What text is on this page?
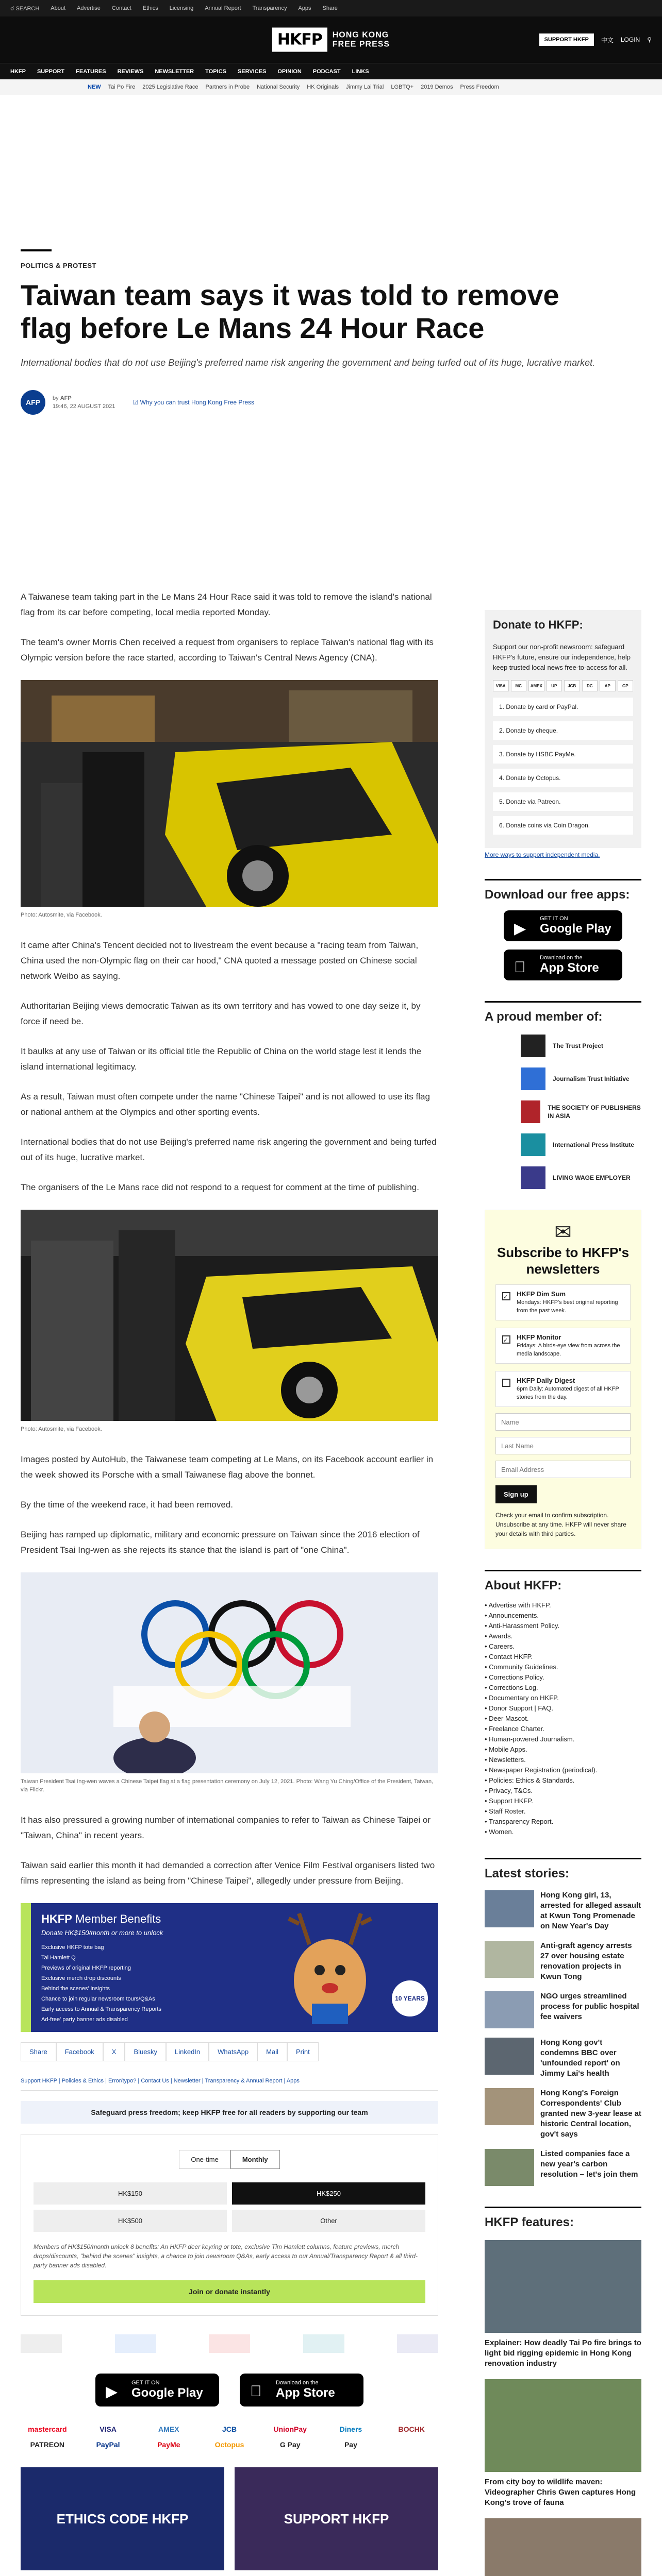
☌ SEARCH About Advertise Contact Ethics Licensing Annual Report Transparency Apps Share
HKFP	HONG KONG
FREE PRESS	SUPPORT HKFP	中文 LOGIN ⚲
HKFP SUPPORT FEATURES REVIEWS NEWSLETTER TOPICS SERVICES OPINION PODCAST LINKS
NEW Tai Po Fire 2025 Legislative Race Partners in Probe National Security HK Originals Jimmy Lai Trial LGBTQ+ 2019 Demos Press Freedom
POLITICS & PROTEST
Taiwan team says it was told to remove flag before Le Mans 24 Hour Race
International bodies that do not use Beijing's preferred name risk angering the government and being turfed out of its huge, lucrative market.
AFP	by AFP
19:46, 22 AUGUST 2021
☑ Why you can trust Hong Kong Free Press

A Taiwanese team taking part in the Le Mans 24 Hour Race said it was told to remove the island's national flag from its car before competing, local media reported Monday.

The team's owner Morris Chen received a request from organisers to replace Taiwan's national flag with its Olympic version before the race started, according to Taiwan's Central News Agency (CNA).

Photo: Autosmite, via Facebook.

It came after China's Tencent decided not to livestream the event because a "racing team from Taiwan, China used the non-Olympic flag on their car hood," CNA quoted a message posted on Chinese social network Weibo as saying.

Authoritarian Beijing views democratic Taiwan as its own territory and has vowed to one day seize it, by force if need be.

It baulks at any use of Taiwan or its official title the Republic of China on the world stage lest it lends the island international legitimacy.

As a result, Taiwan must often compete under the name "Chinese Taipei" and is not allowed to use its flag or national anthem at the Olympics and other sporting events.

International bodies that do not use Beijing's preferred name risk angering the government and being turfed out of its huge, lucrative market.

The organisers of the Le Mans race did not respond to a request for comment at the time of publishing.

Photo: Autosmite, via Facebook.

Images posted by AutoHub, the Taiwanese team competing at Le Mans, on its Facebook account earlier in the week showed its Porsche with a small Taiwanese flag above the bonnet.

By the time of the weekend race, it had been removed.

Beijing has ramped up diplomatic, military and economic pressure on Taiwan since the 2016 election of President Tsai Ing-wen as she rejects its stance that the island is part of "one China".

Taiwan President Tsai Ing-wen waves a Chinese Taipei flag at a flag presentation ceremony on July 12, 2021. Photo: Wang Yu Ching/Office of the President, Taiwan, via Flickr.

It has also pressured a growing number of international companies to refer to Taiwan as Chinese Taipei or "Taiwan, China" in recent years.

Taiwan said earlier this month it had demanded a correction after Venice Film Festival organisers listed two films representing the island as being from "Chinese Taipei", allegedly under pressure from Beijing.

HKFP Member Benefits
Donate HK$150/month or more to unlock
Exclusive HKFP tote bag
Tai Hamlett Q
Previews of original HKFP reporting
Exclusive merch drop discounts
Behind the scenes' insights
Chance to join regular newsroom tours/Q&As
Early access to Annual & Transparency Reports
Ad-free' party banner ads disabled
10 YEARS
Share	Facebook	X	Bluesky	LinkedIn	WhatsApp	Mail	Print
Support HKFP | Policies & Ethics | Error/typo? | Contact Us | Newsletter | Transparency & Annual Report | Apps
Safeguard press freedom; keep HKFP free for all readers by supporting our team
One-time	Monthly
HK$150	HK$250
HK$500	Other
Members of HK$150/month unlock 8 benefits: An HKFP deer keyring or tote, exclusive Tim Hamlett columns, feature previews, merch drops/discounts, "behind the scenes" insights, a chance to join newsroom Q&As, early access to our Annual/Transparency Report & all third-party banner ads disabled.
Join or donate instantly
▶
GET IT ON
Google Play
Download on the
App Store
mastercard	VISA	AMEX	JCB	UnionPay	Diners	BOCHK
PATREON	PayPal	PayMe	Octopus	G Pay	Pay
ETHICS CODE HKFP	SUPPORT HKFP

Donate to HKFP:
Support our non-profit newsroom: safeguard HKFP's future, ensure our independence, help keep trusted local news free-to-access for all.
VISA	MC	AMEX	UP	JCB	DC	AP	GP
1. Donate by card or PayPal.
2. Donate by cheque.
3. Donate by HSBC PayMe.
4. Donate by Octopus.
5. Donate via Patreon.
6. Donate coins via Coin Dragon.
More ways to support independent media.
Download our free apps:
▶
GET IT ON
Google Play
Download on the
App Store
A proud member of:
The Trust Project
Journalism Trust Initiative
THE SOCIETY OF PUBLISHERS IN ASIA
International Press Institute
LIVING WAGE EMPLOYER
✉
Subscribe to HKFP's newsletters
✓	HKFP Dim Sum
Mondays: HKFP's best original reporting from the past week.
✓	HKFP Monitor
Fridays: A birds-eye view from across the media landscape.
HKFP Daily Digest
6pm Daily: Automated digest of all HKFP stories from the day.
Name
Last Name
Email Address Sign up
Check your email to confirm subscription. Unsubscribe at any time. HKFP will never share your details with third parties.
About HKFP:
• Advertise with HKFP.
• Announcements.
• Anti-Harassment Policy.
• Awards.
• Careers.
• Contact HKFP.
• Community Guidelines.
• Corrections Policy.
• Corrections Log.
• Documentary on HKFP.
• Donor Support | FAQ.
• Deer Mascot.
• Freelance Charter.
• Human-powered Journalism.
• Mobile Apps.
• Newsletters.
• Newspaper Registration (periodical).
• Policies: Ethics & Standards.
• Privacy, T&Cs.
• Support HKFP.
• Staff Roster.
• Transparency Report.
• Women.
Latest stories:
Hong Kong girl, 13, arrested for alleged assault at Kwun Tong Promenade on New Year's Day
Anti-graft agency arrests 27 over housing estate renovation projects in Kwun Tong
NGO urges streamlined process for public hospital fee waivers
Hong Kong gov't condemns BBC over 'unfounded report' on Jimmy Lai's health
Hong Kong's Foreign Correspondents' Club granted new 3-year lease at historic Central location, gov't says
Listed companies face a new year's carbon resolution – let's join them
HKFP features:
Explainer: How deadly Tai Po fire brings to light bid rigging epidemic in Hong Kong renovation industry
From city boy to wildlife maven: Videographer Chris Gwen captures Hong Kong's trove of fauna
